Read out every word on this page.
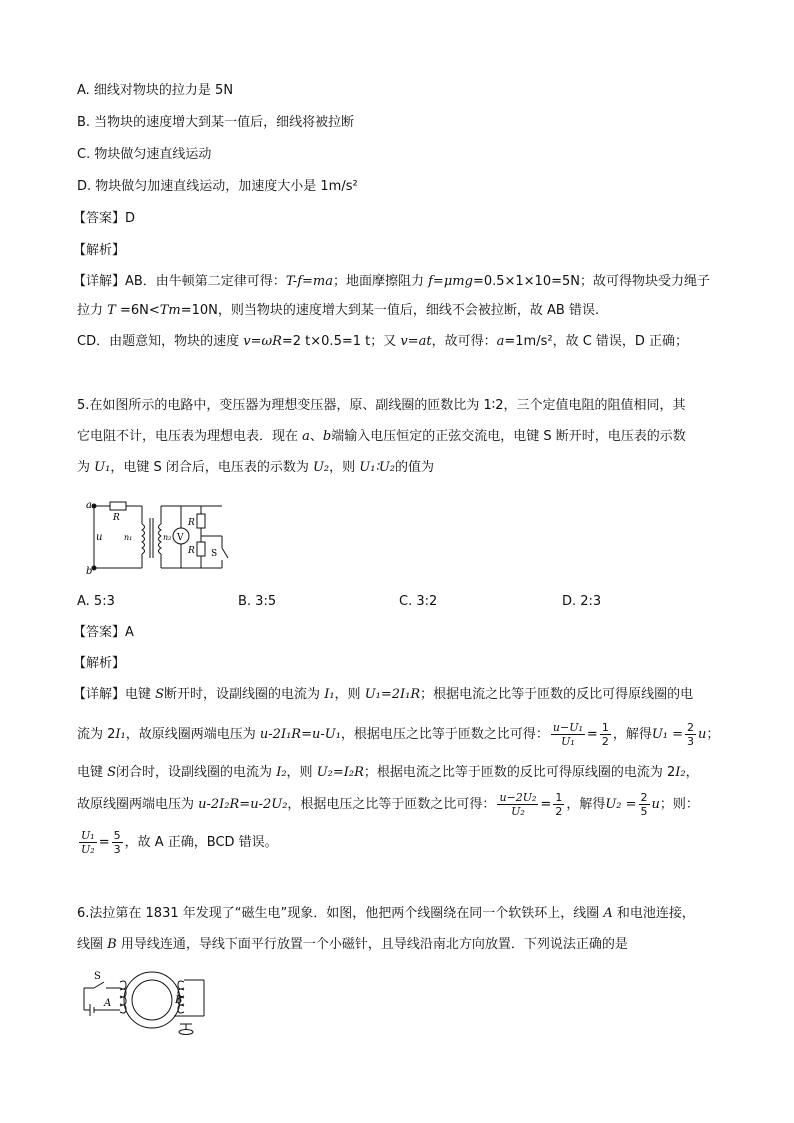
A. 细线对物块的拉力是 5N
B. 当物块的速度增大到某一值后，细线将被拉断
C. 物块做匀速直线运动
D. 物块做匀加速直线运动，加速度大小是 1m/s²
【答案】D
【解析】
【详解】AB．由牛顿第二定律可得：T-f=ma；地面摩擦阻力 f=μmg=0.5×1×10=5N；故可得物块受力绳子
拉力 T =6N<Tm=10N，则当物块的速度增大到某一值后，细线不会被拉断，故 AB 错误.
CD．由题意知，物块的速度 v=ωR=2 t×0.5=1 t；又 v=at，故可得：a=1m/s²，故 C 错误，D 正确；
5.在如图所示的电路中，变压器为理想变压器，原、副线圈的匝数比为 1∶2，三个定值电阻的阻值相同，其
它电阻不计，电压表为理想电表．现在 a、b端输入电压恒定的正弦交流电，电键 S 断开时，电压表的示数
为 U₁，电键 S 闭合后，电压表的示数为 U₂，则 U₁∶U₂的值为
a
b
u
R
n₁	n₂ V
R
R S
A. 5:3	B. 3:5	C. 3:2	D. 2:3
【答案】A
【解析】
【详解】电键 S断开时，设副线圈的电流为 I₁，则 U₁=2I₁R；根据电流之比等于匝数的反比可得原线圈的电
流为 2I₁，故原线圈两端电压为 u-2I₁R=u-U₁，根据电压之比等于匝数之比可得： $\frac{\text{u−U₁}}{\text{U₁}} = \frac{1}{2}$ ，解得$U_1 = \frac{2}{3}$ u；
电键 S闭合时，设副线圈的电流为 I₂，则 U₂=I₂R；根据电流之比等于匝数的反比可得原线圈的电流为 2I₂，
故原线圈两端电压为 u-2I₂R=u-2U₂，根据电压之比等于匝数之比可得： $\frac{\text{u−2U₂}}{\text{U₂}} = \frac{1}{2}$ ，解得$U_2 = \frac{2}{5}$ u；则：
$\frac{\text{U₁}}{\text{U₂}} = \frac{5}{3}$ ，故 A 正确，BCD 错误。
6.法拉第在 1831 年发现了“磁生电”现象．如图，他把两个线圈绕在同一个软铁环上，线圈 A 和电池连接，
线圈 B 用导线连通，导线下面平行放置一个小磁针，且导线沿南北方向放置．下列说法正确的是
S
A	B
